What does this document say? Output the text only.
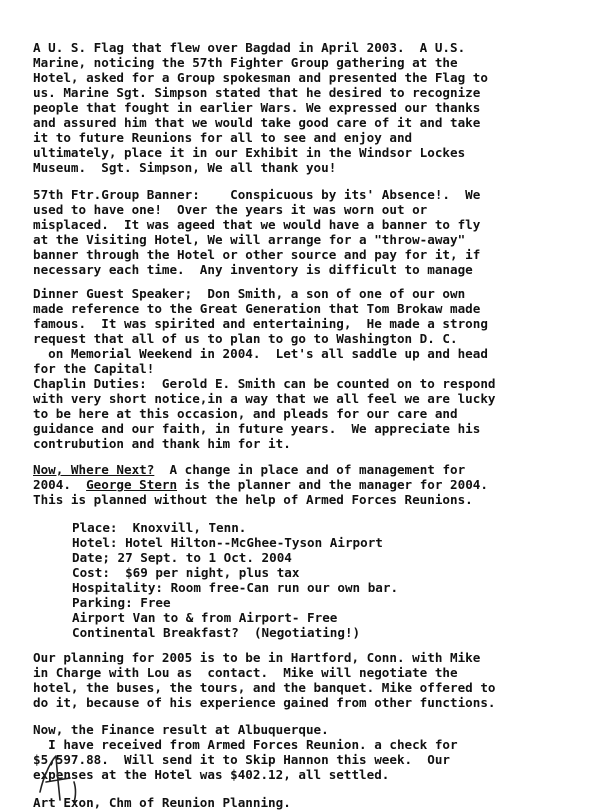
A U. S. Flag that flew over Bagdad in April 2003.  A U.S.
Marine, noticing the 57th Fighter Group gathering at the
Hotel, asked for a Group spokesman and presented the Flag to
us. Marine Sgt. Simpson stated that he desired to recognize
people that fought in earlier Wars. We expressed our thanks
and assured him that we would take good care of it and take
it to future Reunions for all to see and enjoy and
ultimately, place it in our Exhibit in the Windsor Lockes
Museum.  Sgt. Simpson, We all thank you!
57th Ftr.Group Banner:    Conspicuous by its' Absence!.  We
used to have one!  Over the years it was worn out or
misplaced.  It was ageed that we would have a banner to fly
at the Visiting Hotel, We will arrange for a "throw-away"
banner through the Hotel or other source and pay for it, if
necessary each time.  Any inventory is difficult to manage
Dinner Guest Speaker;  Don Smith, a son of one of our own
made reference to the Great Generation that Tom Brokaw made
famous.  It was spirited and entertaining,  He made a strong
request that all of us to plan to go to Washington D. C.
on Memorial Weekend in 2004.  Let's all saddle up and head
for the Capital!
Chaplin Duties:  Gerold E. Smith can be counted on to respond
with very short notice,in a way that we all feel we are lucky
to be here at this occasion, and pleads for our care and
guidance and our faith, in future years.  We appreciate his
contrubution and thank him for it.
Now, Where Next?  A change in place and of management for
2004.  George Stern is the planner and the manager for 2004.
This is planned without the help of Armed Forces Reunions.
Place:  Knoxvill, Tenn.
Hotel: Hotel Hilton--McGhee-Tyson Airport
Date; 27 Sept. to 1 Oct. 2004
Cost:  $69 per night, plus tax
Hospitality: Room free-Can run our own bar.
Parking: Free
Airport Van to & from Airport- Free
Continental Breakfast?  (Negotiating!)
Our planning for 2005 is to be in Hartford, Conn. with Mike
in Charge with Lou as  contact.  Mike will negotiate the
hotel, the buses, the tours, and the banquet. Mike offered to
do it, because of his experience gained from other functions.
Now, the Finance result at Albuquerque.
I have received from Armed Forces Reunion. a check for
$5,597.88.  Will send it to Skip Hannon this week.  Our
expenses at the Hotel was $402.12, all settled.
Art Exon, Chm of Reunion Planning.
